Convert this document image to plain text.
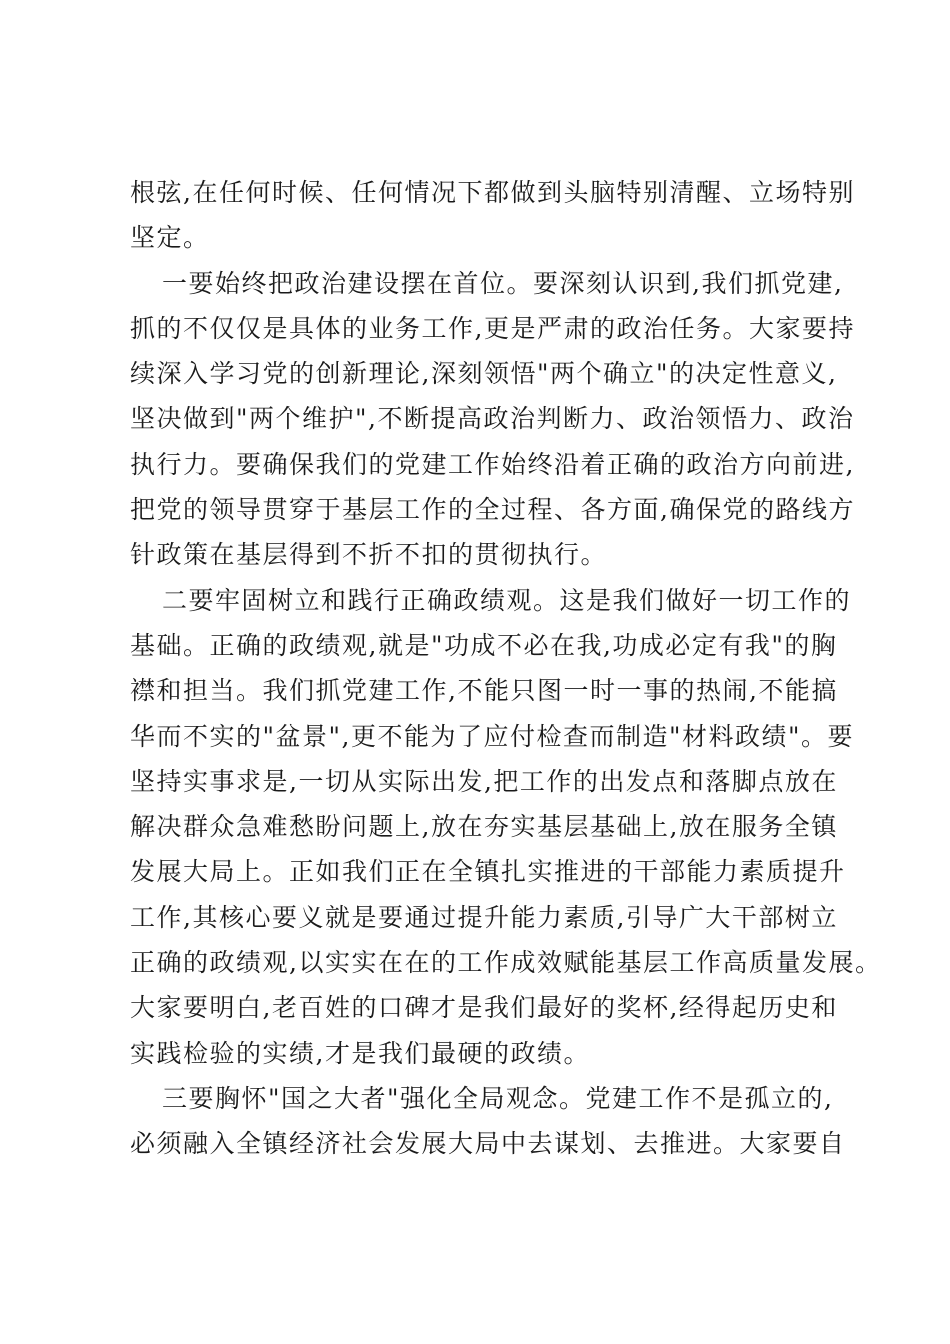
根弦,在任何时候、任何情况下都做到头脑特别清醒、立场特别
坚定。
一要始终把政治建设摆在首位。要深刻认识到,我们抓党建,
抓的不仅仅是具体的业务工作,更是严肃的政治任务。大家要持
续深入学习党的创新理论,深刻领悟"两个确立"的决定性意义,
坚决做到"两个维护",不断提高政治判断力、政治领悟力、政治
执行力。要确保我们的党建工作始终沿着正确的政治方向前进,
把党的领导贯穿于基层工作的全过程、各方面,确保党的路线方
针政策在基层得到不折不扣的贯彻执行。
二要牢固树立和践行正确政绩观。这是我们做好一切工作的
基础。正确的政绩观,就是"功成不必在我,功成必定有我"的胸
襟和担当。我们抓党建工作,不能只图一时一事的热闹,不能搞
华而不实的"盆景",更不能为了应付检查而制造"材料政绩"。要
坚持实事求是,一切从实际出发,把工作的出发点和落脚点放在
解决群众急难愁盼问题上,放在夯实基层基础上,放在服务全镇
发展大局上。正如我们正在全镇扎实推进的干部能力素质提升
工作,其核心要义就是要通过提升能力素质,引导广大干部树立
正确的政绩观,以实实在在的工作成效赋能基层工作高质量发展。
大家要明白,老百姓的口碑才是我们最好的奖杯,经得起历史和
实践检验的实绩,才是我们最硬的政绩。
三要胸怀"国之大者"强化全局观念。党建工作不是孤立的,
必须融入全镇经济社会发展大局中去谋划、去推进。大家要自
